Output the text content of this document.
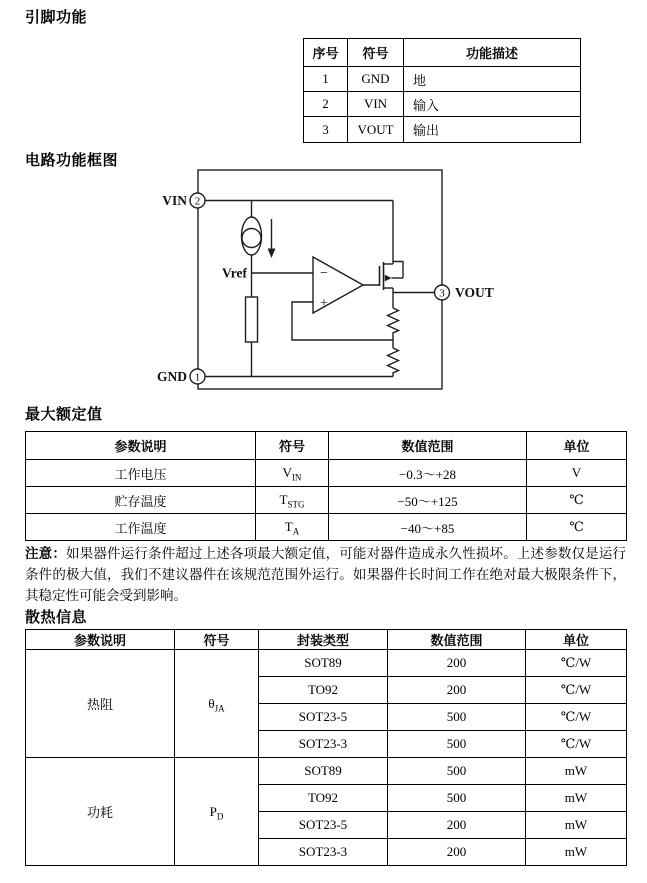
引脚功能
序号	符号	功能描述
1	GND	地
2	VIN	输入
3	VOUT	输出
电路功能框图
VIN
GND
VOUT
Vref
2
1
3
−
+
最大额定值
参数说明	符号	数值范围	单位
工作电压	$V_{IN}$	−0.3～+28	V
贮存温度	$T_{STG}$	−50～+125	℃
工作温度	$T_A$	−40～+85	℃
注意：如果器件运行条件超过上述各项最大额定值，可能对器件造成永久性损坏。上述参数仅是运行条件的极大值，我们不建议器件在该规范范围外运行。如果器件长时间工作在绝对最大极限条件下，其稳定性可能会受到影响。
散热信息
参数说明	符号	封装类型	数值范围	单位
热阻	$\theta_{JA}$	SOT89	200	℃/W
		TO92	200	℃/W
		SOT23-5	500	℃/W
		SOT23-3	500	℃/W
功耗	$P_D$	SOT89	500	mW
		TO92	500	mW
		SOT23-5	200	mW
		SOT23-3	200	mW
